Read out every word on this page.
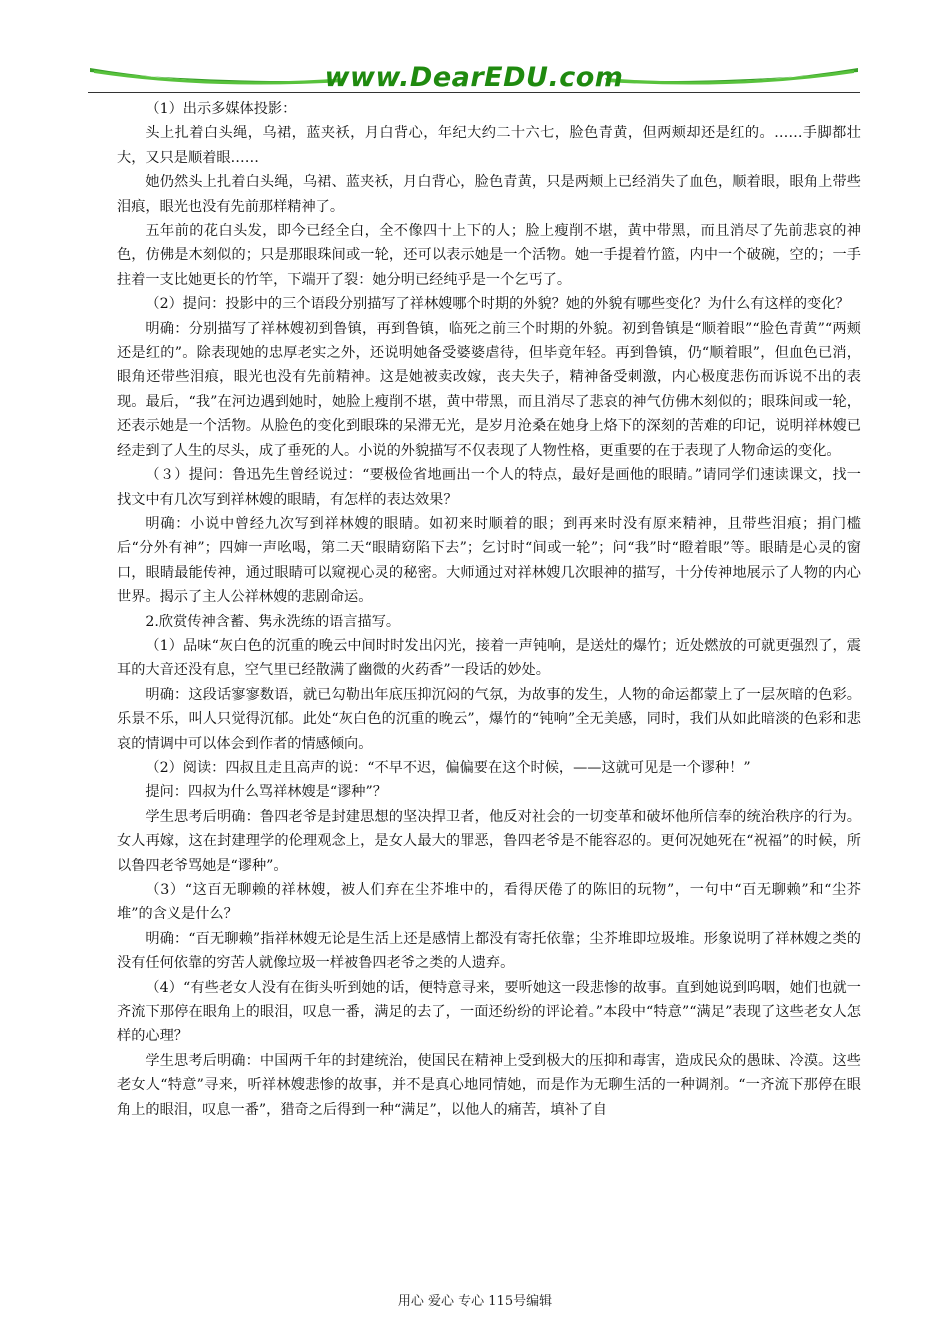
www.DearEDU.com

（1）出示多媒体投影：

头上扎着白头绳，乌裙，蓝夹袄，月白背心，年纪大约二十六七，脸色青黄，但两颊却还是红的。……手脚都壮大，又只是顺着眼……

她仍然头上扎着白头绳，乌裙、蓝夹袄，月白背心，脸色青黄，只是两颊上已经消失了血色，顺着眼，眼角上带些泪痕，眼光也没有先前那样精神了。

五年前的花白头发，即今已经全白，全不像四十上下的人；脸上瘦削不堪，黄中带黑，而且消尽了先前悲哀的神色，仿佛是木刻似的；只是那眼珠间或一轮，还可以表示她是一个活物。她一手提着竹篮，内中一个破碗，空的；一手拄着一支比她更长的竹竿，下端开了裂：她分明已经纯乎是一个乞丐了。

（2）提问：投影中的三个语段分别描写了祥林嫂哪个时期的外貌？她的外貌有哪些变化？为什么有这样的变化？

明确：分别描写了祥林嫂初到鲁镇，再到鲁镇，临死之前三个时期的外貌。初到鲁镇是“顺着眼”“脸色青黄”“两颊还是红的”。除表现她的忠厚老实之外，还说明她备受婆婆虐待，但毕竟年轻。再到鲁镇，仍“顺着眼”，但血色已消，眼角还带些泪痕，眼光也没有先前精神。这是她被卖改嫁，丧夫失子，精神备受刺激，内心极度悲伤而诉说不出的表现。最后，“我”在河边遇到她时，她脸上瘦削不堪，黄中带黑，而且消尽了悲哀的神气仿佛木刻似的；眼珠间或一轮，还表示她是一个活物。从脸色的变化到眼珠的呆滞无光，是岁月沧桑在她身上烙下的深刻的苦难的印记，说明祥林嫂已经走到了人生的尽头，成了垂死的人。小说的外貌描写不仅表现了人物性格，更重要的在于表现了人物命运的变化。

（３）提问：鲁迅先生曾经说过：“要极俭省地画出一个人的特点，最好是画他的眼睛。”请同学们速读课文，找一找文中有几次写到祥林嫂的眼睛，有怎样的表达效果？

明确：小说中曾经九次写到祥林嫂的眼睛。如初来时顺着的眼；到再来时没有原来精神，且带些泪痕；捐门槛后“分外有神”；四婶一声吆喝，第二天“眼睛窈陷下去”；乞讨时“间或一轮”；问“我”时“瞪着眼”等。眼睛是心灵的窗口，眼睛最能传神，通过眼睛可以窥视心灵的秘密。大师通过对祥林嫂几次眼神的描写，十分传神地展示了人物的内心世界。揭示了主人公祥林嫂的悲剧命运。

2.欣赏传神含蓄、隽永洗练的语言描写。

（1）品味“灰白色的沉重的晚云中间时时发出闪光，接着一声钝响，是送灶的爆竹；近处燃放的可就更强烈了，震耳的大音还没有息，空气里已经散满了幽微的火药香”一段话的妙处。

明确：这段话寥寥数语，就已勾勒出年底压抑沉闷的气氛，为故事的发生，人物的命运都蒙上了一层灰暗的色彩。乐景不乐，叫人只觉得沉郁。此处“灰白色的沉重的晚云”，爆竹的“钝响”全无美感，同时，我们从如此暗淡的色彩和悲哀的情调中可以体会到作者的情感倾向。

（2）阅读：四叔且走且高声的说：“不早不迟，偏偏要在这个时候，——这就可见是一个谬种！”

提问：四叔为什么骂祥林嫂是“谬种”？

学生思考后明确：鲁四老爷是封建思想的坚决捍卫者，他反对社会的一切变革和破坏他所信奉的统治秩序的行为。女人再嫁，这在封建理学的伦理观念上，是女人最大的罪恶，鲁四老爷是不能容忍的。更何况她死在“祝福”的时候，所以鲁四老爷骂她是“谬种”。

（3）“这百无聊赖的祥林嫂，被人们弃在尘芥堆中的，看得厌倦了的陈旧的玩物”，一句中“百无聊赖”和“尘芥堆”的含义是什么？

明确：“百无聊赖”指祥林嫂无论是生活上还是感情上都没有寄托依靠；尘芥堆即垃圾堆。形象说明了祥林嫂之类的没有任何依靠的穷苦人就像垃圾一样被鲁四老爷之类的人遗弃。

（4）“有些老女人没有在街头听到她的话，便特意寻来，要听她这一段悲惨的故事。直到她说到呜咽，她们也就一齐流下那停在眼角上的眼泪，叹息一番，满足的去了，一面还纷纷的评论着。”本段中“特意”“满足”表现了这些老女人怎样的心理？

学生思考后明确：中国两千年的封建统治，使国民在精神上受到极大的压抑和毒害，造成民众的愚昧、冷漠。这些老女人“特意”寻来，听祥林嫂悲惨的故事，并不是真心地同情她，而是作为无聊生活的一种调剂。“一齐流下那停在眼角上的眼泪，叹息一番”，猎奇之后得到一种“满足”，以他人的痛苦，填补了自

用心 爱心 专心 115号编辑
